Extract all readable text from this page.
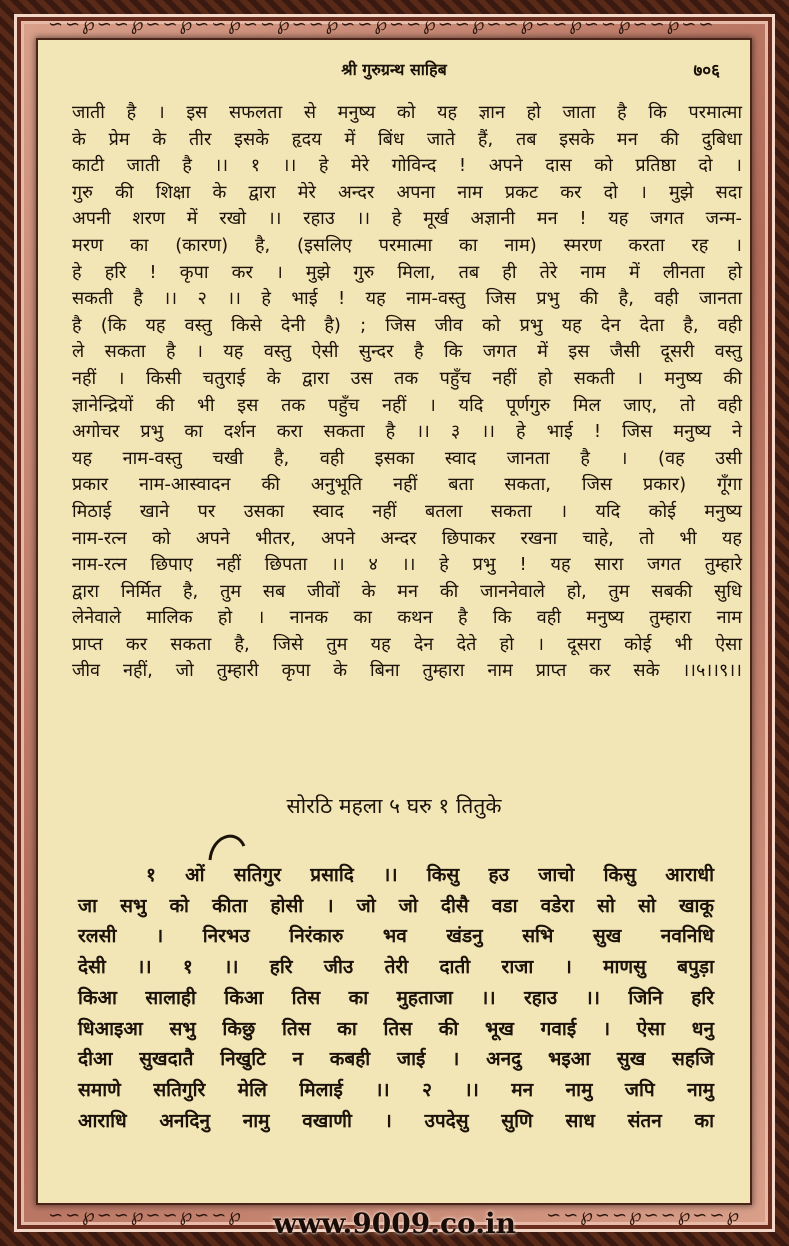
∽∽℘∽∽℘∽∽℘∽∽℘∽∽℘∽∽℘∽∽℘∽∽℘∽∽℘∽∽℘∽∽℘∽∽℘∽∽℘∽∽
∽∽℘∽∽℘∽∽℘∽∽℘	∽∽℘∽∽℘∽∽℘∽∽℘
श्री गुरुग्रन्थ साहिब	७०६
जाती है । इस सफलता से मनुष्य को यह ज्ञान हो जाता है कि परमात्मा
के प्रेम के तीर इसके हृदय में बिंध जाते हैं, तब इसके मन की दुबिधा
काटी जाती है ।। १ ।। हे मेरे गोविन्द ! अपने दास को प्रतिष्ठा दो ।
गुरु की शिक्षा के द्वारा मेरे अन्दर अपना नाम प्रकट कर दो । मुझे सदा
अपनी शरण में रखो ।। रहाउ ।। हे मूर्ख अज्ञानी मन ! यह जगत जन्म-
मरण का (कारण) है, (इसलिए परमात्मा का नाम) स्मरण करता रह ।
हे हरि ! कृपा कर । मुझे गुरु मिला, तब ही तेरे नाम में लीनता हो
सकती है ।। २ ।। हे भाई ! यह नाम-वस्तु जिस प्रभु की है, वही जानता
है (कि यह वस्तु किसे देनी है) ; जिस जीव को प्रभु यह देन देता है, वही
ले सकता है । यह वस्तु ऐसी सुन्दर है कि जगत में इस जैसी दूसरी वस्तु
नहीं । किसी चतुराई के द्वारा उस तक पहुँच नहीं हो सकती । मनुष्य की
ज्ञानेन्द्रियों की भी इस तक पहुँच नहीं । यदि पूर्णगुरु मिल जाए, तो वही
अगोचर प्रभु का दर्शन करा सकता है ।। ३ ।। हे भाई ! जिस मनुष्य ने
यह नाम-वस्तु चखी है, वही इसका स्वाद जानता है । (वह उसी
प्रकार नाम-आस्वादन की अनुभूति नहीं बता सकता, जिस प्रकार) गूँगा
मिठाई खाने पर उसका स्वाद नहीं बतला सकता । यदि कोई मनुष्य
नाम-रत्न को अपने भीतर, अपने अन्दर छिपाकर रखना चाहे, तो भी यह
नाम-रत्न छिपाए नहीं छिपता ।। ४ ।। हे प्रभु ! यह सारा जगत तुम्हारे
द्वारा निर्मित है, तुम सब जीवों के मन की जाननेवाले हो, तुम सबकी सुधि
लेनेवाले मालिक हो । नानक का कथन है कि वही मनुष्य तुम्हारा नाम
प्राप्त कर सकता है, जिसे तुम यह देन देते हो । दूसरा कोई भी ऐसा
जीव नहीं, जो तुम्हारी कृपा के बिना तुम्हारा नाम प्राप्त कर सके ।।५।।९।।
सोरठि महला ५ घरु १ तितुके
१ ओं सतिगुर प्रसादि ।। किसु हउ जाचो किसु आराधी
जा सभु को कीता होसी । जो जो दीसै वडा वडेरा सो सो खाकू
रलसी । निरभउ निरंकारु भव खंडनु सभि सुख नवनिधि
देसी ।। १ ।। हरि जीउ तेरी दाती राजा । माणसु बपुड़ा
किआ सालाही किआ तिस का मुहताजा ।। रहाउ ।। जिनि हरि
धिआइआ सभु किछु तिस का तिस की भूख गवाई । ऐसा धनु
दीआ सुखदातै निखुटि न कबही जाई । अनदु भइआ सुख सहजि
समाणे सतिगुरि मेलि मिलाई ।। २ ।। मन नामु जपि नामु
आराधि अनदिनु नामु वखाणी । उपदेसु सुणि साध संतन का
www.9009.co.in
